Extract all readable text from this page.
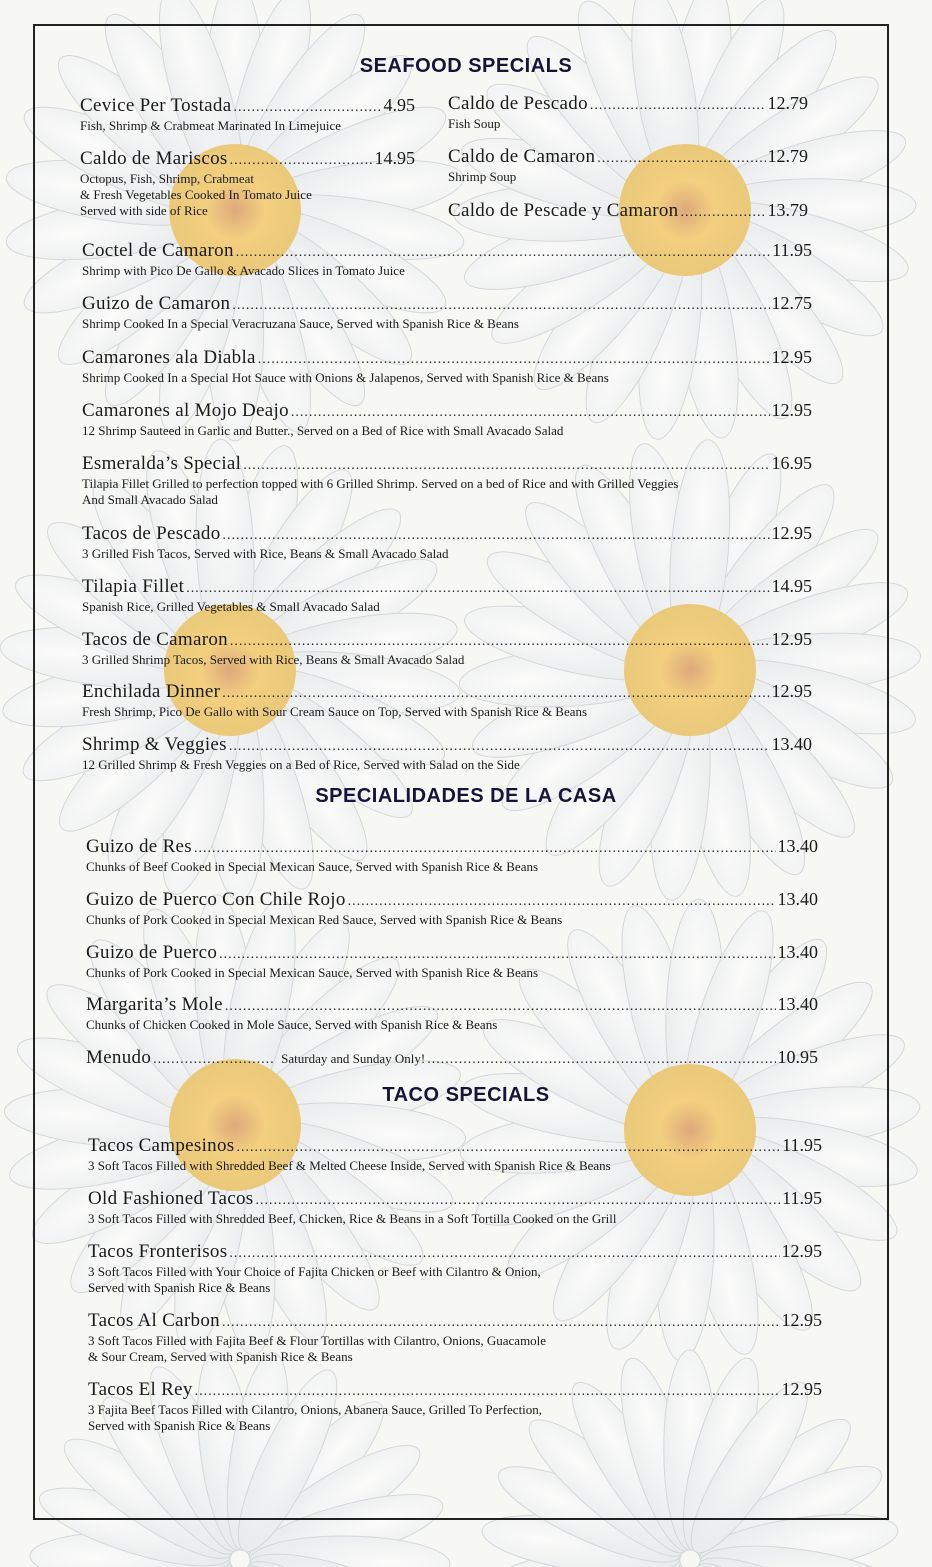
SEAFOOD SPECIALS
Cevice Per Tostada .....	4.95
Fish, Shrimp & Crabmeat Marinated In Limejuice
Caldo de Mariscos .....	14.95
Octopus, Fish, Shrimp, Crabmeat
& Fresh Vegetables Cooked In Tomato Juice
Served with side of Rice
Caldo de Pescado .....	12.79
Fish Soup
Caldo de Camaron .....	12.79
Shrimp Soup
Caldo de Pescade y Camaron .....	13.79
Coctel de Camaron .....	11.95
Shrimp with Pico De Gallo & Avacado Slices in Tomato Juice
Guizo de Camaron .....	12.75
Shrimp Cooked In a Special Veracruzana Sauce, Served with Spanish Rice & Beans
Camarones ala Diabla .....	12.95
Shrimp Cooked In a Special Hot Sauce with Onions & Jalapenos, Served with Spanish Rice & Beans
Camarones al Mojo Deajo .....	12.95
12 Shrimp Sauteed in Garlic and Butter., Served on a Bed of Rice with Small Avacado Salad
Esmeralda’s Special .....	16.95
Tilapia Fillet Grilled to perfection topped with 6 Grilled Shrimp. Served on a bed of Rice and with Grilled Veggies
And Small Avacado Salad
Tacos de Pescado .....	12.95
3 Grilled Fish Tacos, Served with Rice, Beans & Small Avacado Salad
Tilapia Fillet .....	14.95
Spanish Rice, Grilled Vegetables & Small Avacado Salad
Tacos de Camaron .....	12.95
3 Grilled Shrimp Tacos, Served with Rice, Beans & Small Avacado Salad
Enchilada Dinner .....	12.95
Fresh Shrimp, Pico De Gallo with Sour Cream Sauce on Top, Served with Spanish Rice & Beans
Shrimp & Veggies .....	13.40
12 Grilled Shrimp & Fresh Veggies on a Bed of Rice, Served with Salad on the Side
SPECIALIDADES DE LA CASA
Guizo de Res .....	13.40
Chunks of Beef Cooked in Special Mexican Sauce, Served with Spanish Rice & Beans
Guizo de Puerco Con Chile Rojo .....	13.40
Chunks of Pork Cooked in Special Mexican Red Sauce, Served with Spanish Rice & Beans
Guizo de Puerco .....	13.40
Chunks of Pork Cooked in Special Mexican Sauce, Served with Spanish Rice & Beans
Margarita’s Mole .....	13.40
Chunks of Chicken Cooked in Mole Sauce, Served with Spanish Rice & Beans
Menudo .....	Saturday and Sunday Only! .....	10.95
TACO SPECIALS
Tacos Campesinos .....	11.95
3 Soft Tacos Filled with Shredded Beef & Melted Cheese Inside, Served with Spanish Rice & Beans
Old Fashioned Tacos .....	11.95
3 Soft Tacos Filled with Shredded Beef, Chicken, Rice & Beans in a Soft Tortilla Cooked on the Grill
Tacos Fronterisos .....	12.95
3 Soft Tacos Filled with Your Choice of Fajita Chicken or Beef with Cilantro & Onion,
Served with Spanish Rice & Beans
Tacos Al Carbon .....	12.95
3 Soft Tacos Filled with Fajita Beef & Flour Tortillas with Cilantro, Onions, Guacamole
& Sour Cream, Served with Spanish Rice & Beans
Tacos El Rey .....	12.95
3 Fajita Beef Tacos Filled with Cilantro, Onions, Abanera Sauce, Grilled To Perfection,
Served with Spanish Rice & Beans
